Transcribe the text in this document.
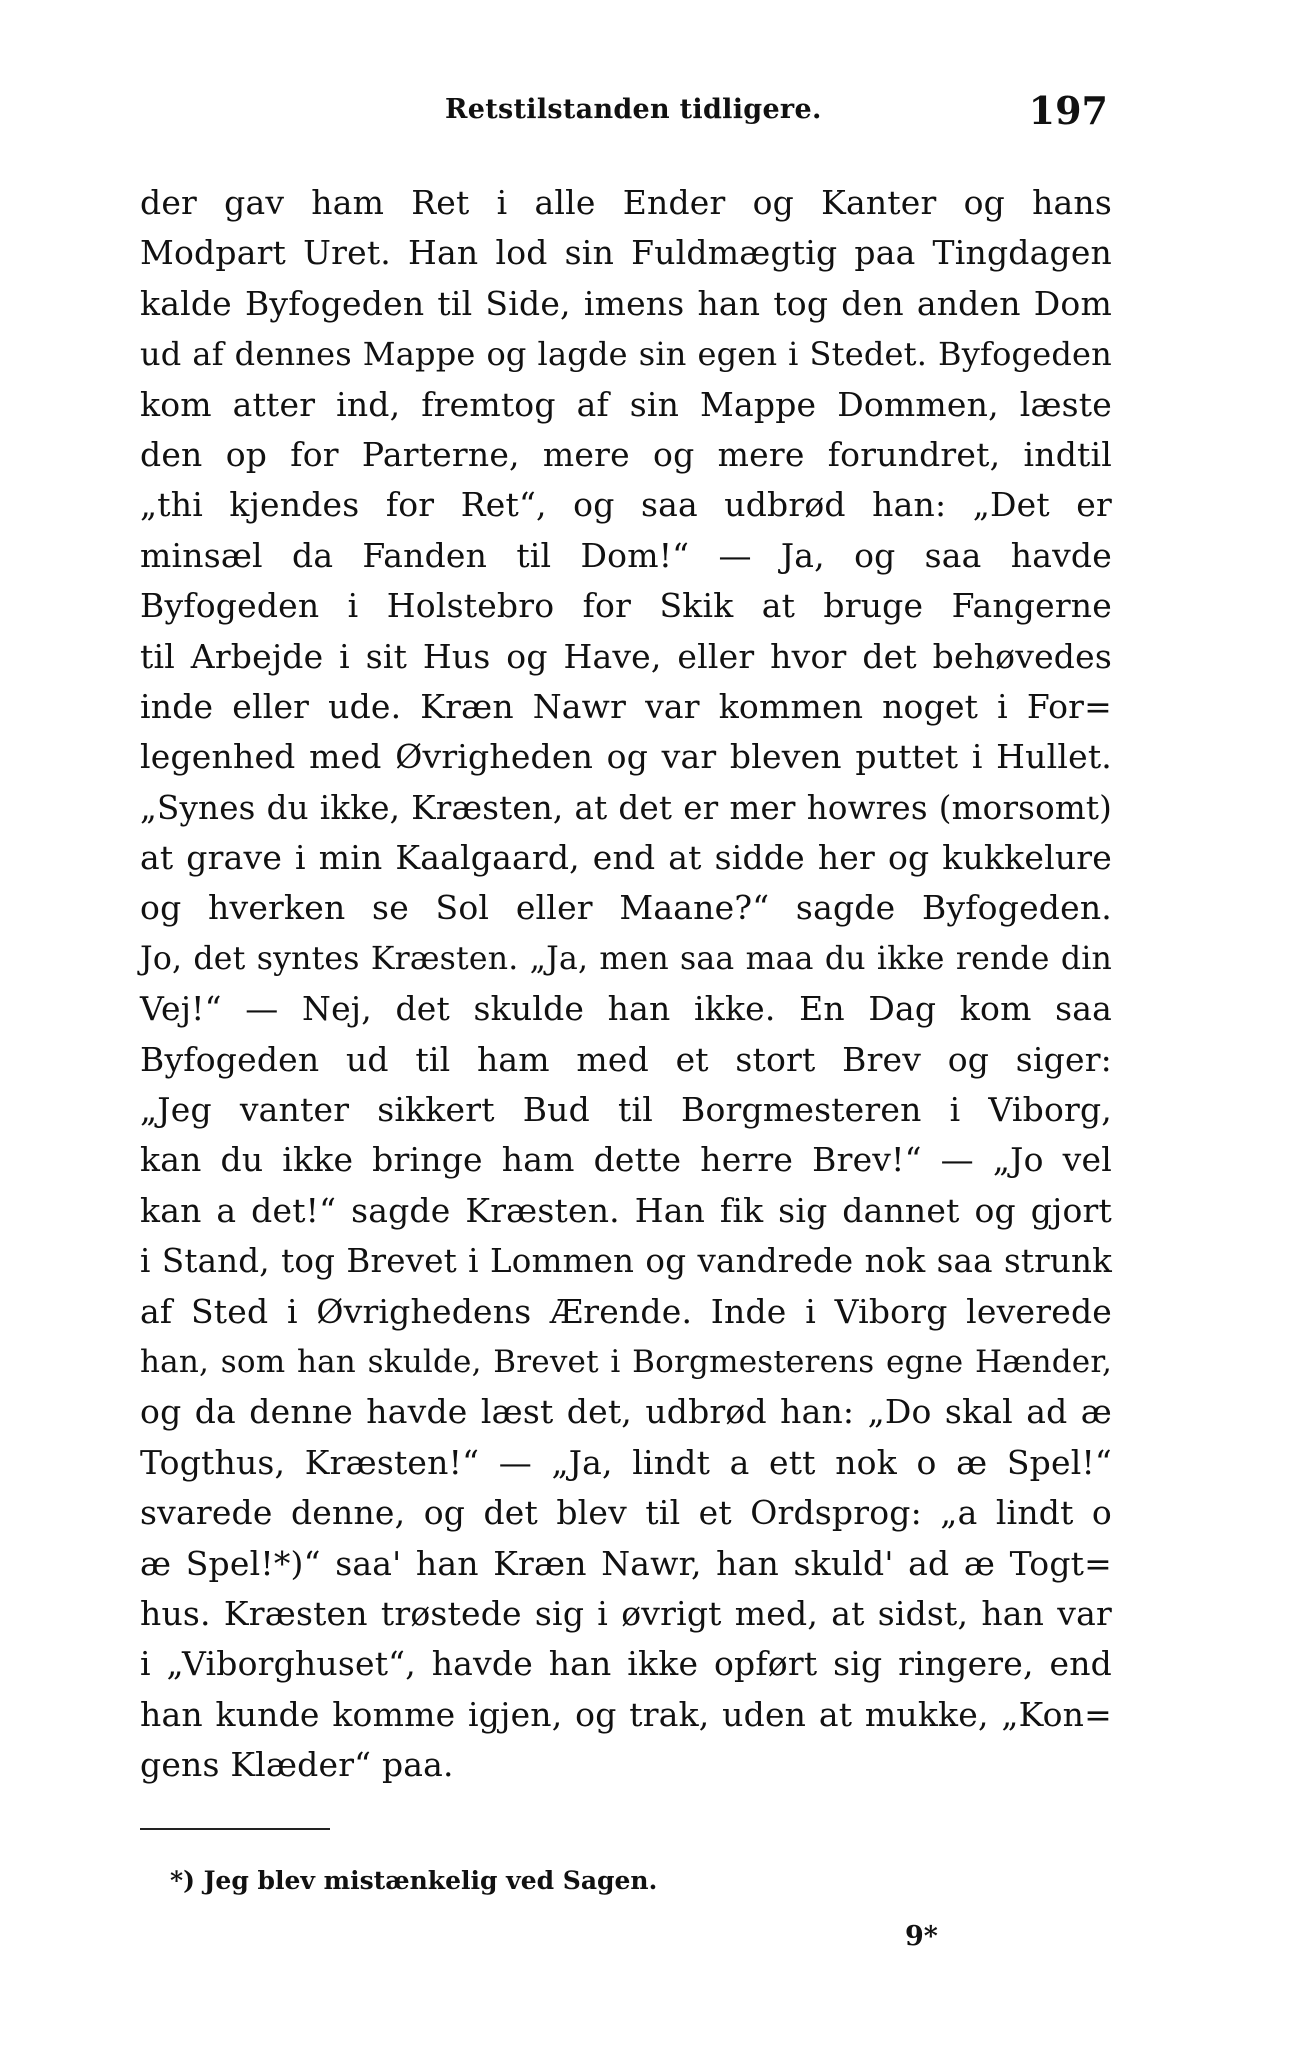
Retstilstanden tidligere.	197
der gav ham Ret i alle Ender og Kanter og hans
Modpart Uret. Han lod sin Fuldmægtig paa Tingdagen
kalde Byfogeden til Side, imens han tog den anden Dom
ud af dennes Mappe og lagde sin egen i Stedet. Byfogeden
kom atter ind, fremtog af sin Mappe Dommen, læste
den op for Parterne, mere og mere forundret, indtil
„thi kjendes for Ret“, og saa udbrød han: „Det er
minsæl da Fanden til Dom!“ — Ja, og saa havde
Byfogeden i Holstebro for Skik at bruge Fangerne
til Arbejde i sit Hus og Have, eller hvor det behøvedes
inde eller ude. Kræn Nawr var kommen noget i For=
legenhed med Øvrigheden og var bleven puttet i Hullet.
„Synes du ikke, Kræsten, at det er mer howres (morsomt)
at grave i min Kaalgaard, end at sidde her og kukkelure
og hverken se Sol eller Maane?“ sagde Byfogeden.
Jo, det syntes Kræsten. „Ja, men saa maa du ikke rende din
Vej!“ — Nej, det skulde han ikke. En Dag kom saa
Byfogeden ud til ham med et stort Brev og siger:
„Jeg vanter sikkert Bud til Borgmesteren i Viborg,
kan du ikke bringe ham dette herre Brev!“ — „Jo vel
kan a det!“ sagde Kræsten. Han fik sig dannet og gjort
i Stand, tog Brevet i Lommen og vandrede nok saa strunk
af Sted i Øvrighedens Ærende. Inde i Viborg leverede
han, som han skulde, Brevet i Borgmesterens egne Hænder,
og da denne havde læst det, udbrød han: „Do skal ad æ
Togthus, Kræsten!“ — „Ja, lindt a ett nok o æ Spel!“
svarede denne, og det blev til et Ordsprog: „a lindt o
æ Spel!*)“ saa' han Kræn Nawr, han skuld' ad æ Togt=
hus. Kræsten trøstede sig i øvrigt med, at sidst, han var
i „Viborghuset“, havde han ikke opført sig ringere, end
han kunde komme igjen, og trak, uden at mukke, „Kon=
gens Klæder“ paa.
*) Jeg blev mistænkelig ved Sagen.
9*
